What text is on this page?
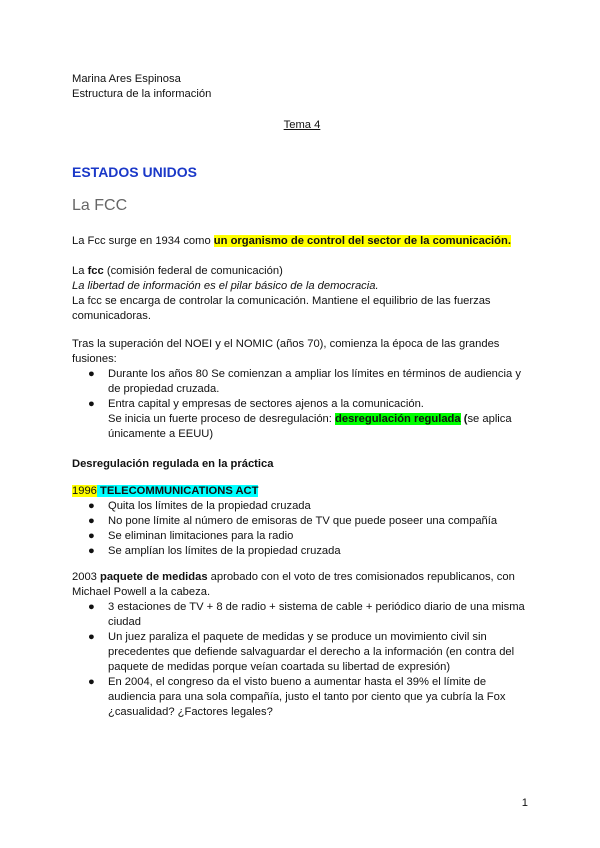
Marina Ares Espinosa
Estructura de la información
Tema 4
ESTADOS UNIDOS
La FCC
La Fcc surge en 1934 como un organismo de control del sector de la comunicación.
La fcc (comisión federal de comunicación)
La libertad de información es el pilar básico de la democracia.
La fcc se encarga de controlar la comunicación. Mantiene el equilibrio de las fuerzas
comunicadoras.
Tras la superación del NOEI y el NOMIC (años 70), comienza la época de las grandes
fusiones:
● Durante los años 80 Se comienzan a ampliar los límites en términos de audiencia y
de propiedad cruzada.
● Entra capital y empresas de sectores ajenos a la comunicación.
Se inicia un fuerte proceso de desregulación: desregulación regulada (se aplica
únicamente a EEUU)
Desregulación regulada en la práctica
1996 TELECOMMUNICATIONS ACT
● Quita los límites de la propiedad cruzada
● No pone límite al número de emisoras de TV que puede poseer una compañía
● Se eliminan limitaciones para la radio
● Se amplían los límites de la propiedad cruzada
2003 paquete de medidas aprobado con el voto de tres comisionados republicanos, con
Michael Powell a la cabeza.
● 3 estaciones de TV + 8 de radio + sistema de cable + periódico diario de una misma
ciudad
● Un juez paraliza el paquete de medidas y se produce un movimiento civil sin
precedentes que defiende salvaguardar el derecho a la información (en contra del
paquete de medidas porque veían coartada su libertad de expresión)
● En 2004, el congreso da el visto bueno a aumentar hasta el 39% el límite de
audiencia para una sola compañía, justo el tanto por ciento que ya cubría la Fox
¿casualidad? ¿Factores legales?
1
